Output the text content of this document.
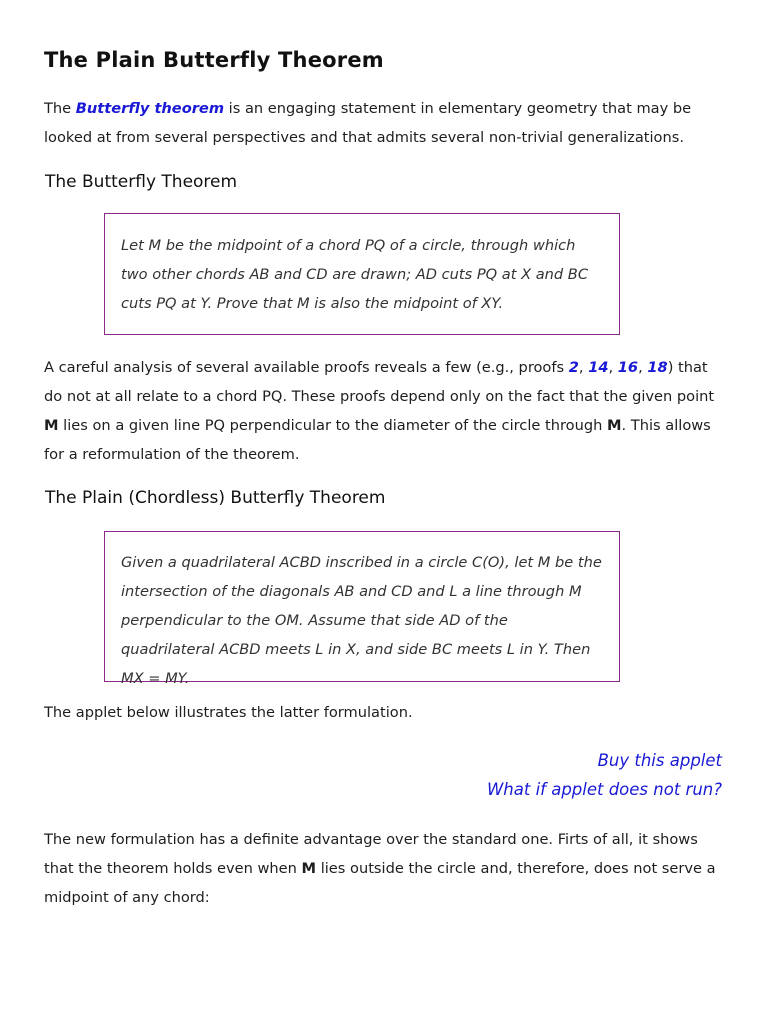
The Plain Butterfly Theorem

The Butterfly theorem is an engaging statement in elementary geometry that may be looked at from several perspectives and that admits several non-trivial generalizations.

The Butterfly Theorem

Let M be the midpoint of a chord PQ of a circle, through which two other chords AB and CD are drawn; AD cuts PQ at X and BC cuts PQ at Y. Prove that M is also the midpoint of XY.

A careful analysis of several available proofs reveals a few (e.g., proofs 2, 14, 16, 18) that do not at all relate to a chord PQ. These proofs depend only on the fact that the given point M lies on a given line PQ perpendicular to the diameter of the circle through M. This allows for a reformulation of the theorem.

The Plain (Chordless) Butterfly Theorem

Given a quadrilateral ACBD inscribed in a circle C(O), let M be the intersection of the diagonals AB and CD and L a line through M perpendicular to the OM. Assume that side AD of the quadrilateral ACBD meets L in X, and side BC meets L in Y. Then MX = MY.

The applet below illustrates the latter formulation.

Buy this applet
What if applet does not run?

The new formulation has a definite advantage over the standard one. Firts of all, it shows that the theorem holds even when M lies outside the circle and, therefore, does not serve a midpoint of any chord:
